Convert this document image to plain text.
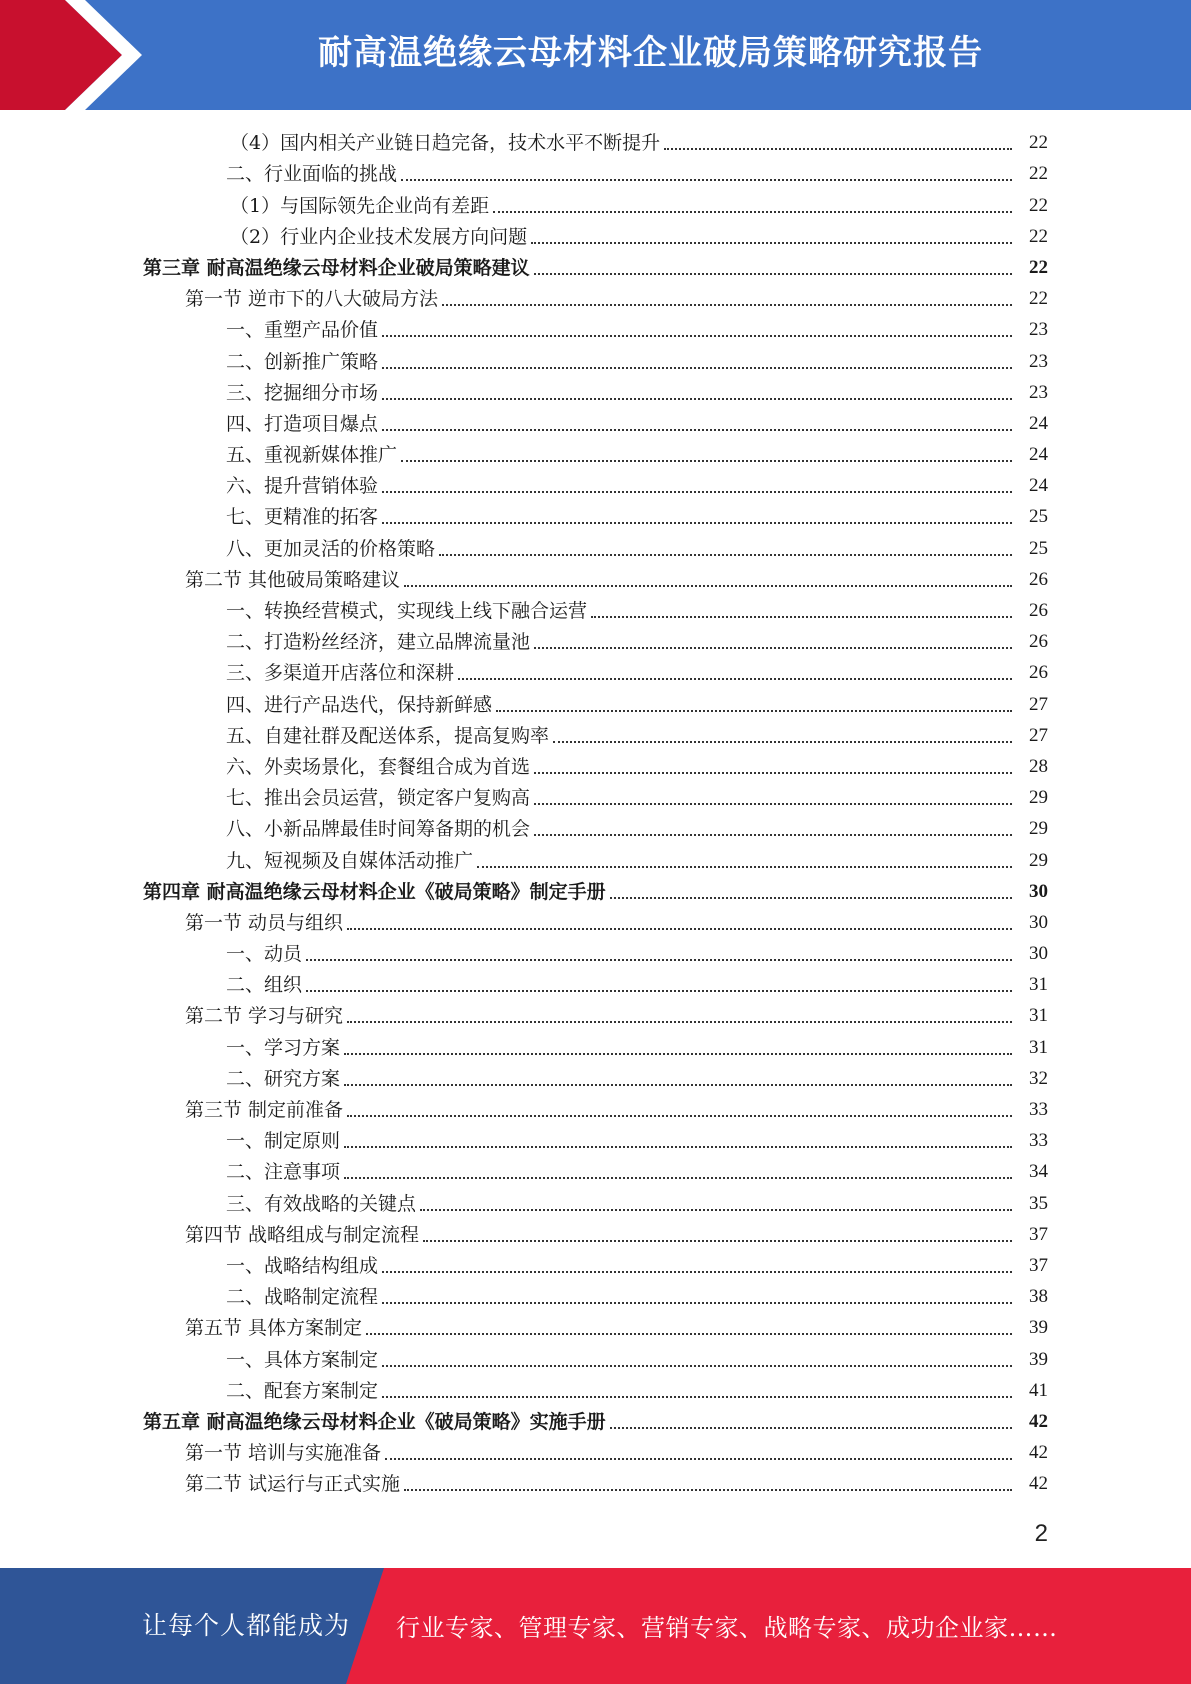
耐高温绝缘云母材料企业破局策略研究报告
（4）国内相关产业链日趋完备，技术水平不断提升	22
二、行业面临的挑战	22
（1）与国际领先企业尚有差距	22
（2）行业内企业技术发展方向问题	22
第三章 耐高温绝缘云母材料企业破局策略建议	22
第一节 逆市下的八大破局方法	22
一、重塑产品价值	23
二、创新推广策略	23
三、挖掘细分市场	23
四、打造项目爆点	24
五、重视新媒体推广	24
六、提升营销体验	24
七、更精准的拓客	25
八、更加灵活的价格策略	25
第二节 其他破局策略建议	26
一、转换经营模式，实现线上线下融合运营	26
二、打造粉丝经济，建立品牌流量池	26
三、多渠道开店落位和深耕	26
四、进行产品迭代，保持新鲜感	27
五、自建社群及配送体系，提高复购率	27
六、外卖场景化，套餐组合成为首选	28
七、推出会员运营，锁定客户复购高	29
八、小新品牌最佳时间筹备期的机会	29
九、短视频及自媒体活动推广	29
第四章 耐高温绝缘云母材料企业《破局策略》制定手册	30
第一节 动员与组织	30
一、动员	30
二、组织	31
第二节 学习与研究	31
一、学习方案	31
二、研究方案	32
第三节 制定前准备	33
一、制定原则	33
二、注意事项	34
三、有效战略的关键点	35
第四节 战略组成与制定流程	37
一、战略结构组成	37
二、战略制定流程	38
第五节 具体方案制定	39
一、具体方案制定	39
二、配套方案制定	41
第五章 耐高温绝缘云母材料企业《破局策略》实施手册	42
第一节 培训与实施准备	42
第二节 试运行与正式实施	42
2
让每个人都能成为 行业专家、管理专家、营销专家、战略专家、成功企业家……
